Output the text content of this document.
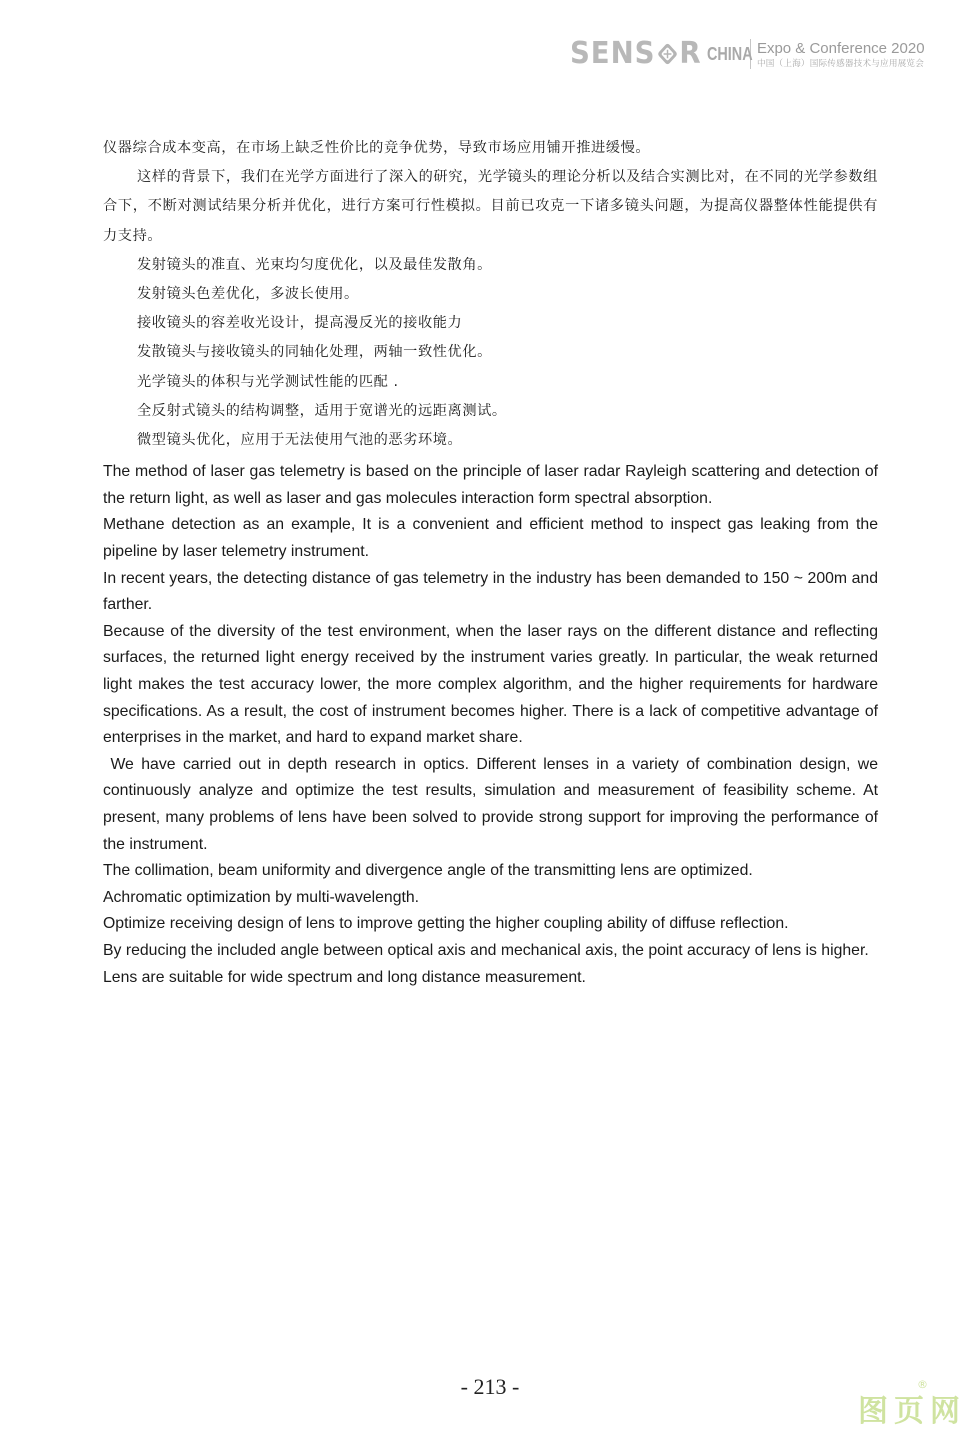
SENS R CHINA Expo & Conference 2020
中国（上海）国际传感器技术与应用展览会

仪器综合成本变高，在市场上缺乏性价比的竞争优势，导致市场应用铺开推进缓慢。

这样的背景下，我们在光学方面进行了深入的研究，光学镜头的理论分析以及结合实测比对，在不同的光学参数组合下，不断对测试结果分析并优化，进行方案可行性模拟。目前已攻克一下诸多镜头问题，为提高仪器整体性能提供有力支持。

发射镜头的准直、光束均匀度优化，以及最佳发散角。

发射镜头色差优化，多波长使用。

接收镜头的容差收光设计，提高漫反光的接收能力

发散镜头与接收镜头的同轴化处理，两轴一致性优化。

光学镜头的体积与光学测试性能的匹配 .

全反射式镜头的结构调整，适用于宽谱光的远距离测试。

微型镜头优化，应用于无法使用气池的恶劣环境。

The method of laser gas telemetry is based on the principle of laser radar Rayleigh scattering and detection of the return light, as well as laser and gas molecules interaction form spectral absorption.

Methane detection as an example, It is a convenient and efficient method to inspect gas leaking from the pipeline by laser telemetry instrument.

In recent years, the detecting distance of gas telemetry in the industry has been demanded to 150 ~ 200m and farther.

Because of the diversity of the test environment, when the laser rays on the different distance and reflecting surfaces, the returned light energy received by the instrument varies greatly. In particular, the weak returned light makes the test accuracy lower, the more complex algorithm, and the higher requirements for hardware specifications. As a result, the cost of instrument becomes higher. There is a lack of competitive advantage of enterprises in the market, and hard to expand market share.

We have carried out in depth research in optics. Different lenses in a variety of combination design, we continuously analyze and optimize the test results, simulation and measurement of feasibility scheme. At present, many problems of lens have been solved to provide strong support for improving the performance of the instrument.

The collimation, beam uniformity and divergence angle of the transmitting lens are optimized.

Achromatic optimization by multi-wavelength.

Optimize receiving design of lens to improve getting the higher coupling ability of diffuse reflection.

By reducing the included angle between optical axis and mechanical axis, the point accuracy of lens is higher.

Lens are suitable for wide spectrum and long distance measurement.

- 213 -
图页网
®
